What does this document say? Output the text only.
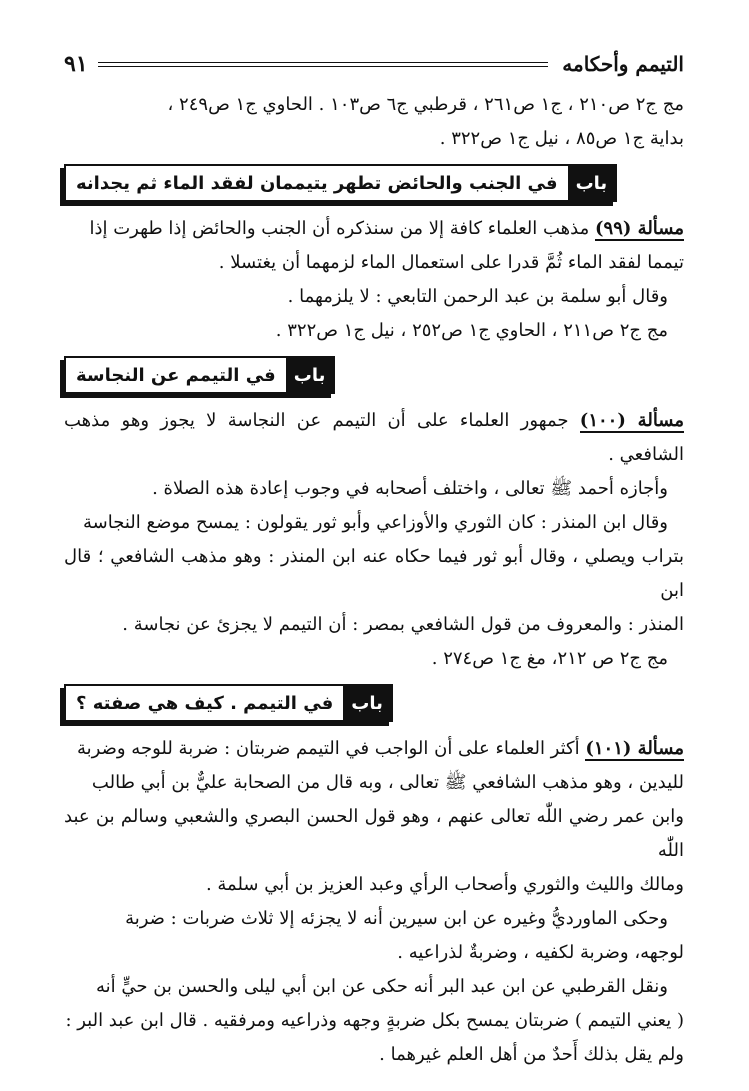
التيمم وأحكامه
٩١

مج ج٢ ص٢١٠ ، ج١ ص٢٦١ ، قرطبي ج٦ ص١٠٣ . الحاوي ج١ ص٢٤٩ ،

بداية ج١ ص٨٥ ، نيل ج١ ص٣٢٢ .

باب
في الجنب والحائض تطهر يتيممان لفقد الماء ثم يجدانه

مسألة (٩٩) مذهب العلماء كافة إلا من سنذكره أن الجنب والحائض إذا طهرت إذا

تيمما لفقد الماء ثُمَّ قدرا على استعمال الماء لزمهما أن يغتسلا .

وقال أبو سلمة بن عبد الرحمن التابعي : لا يلزمهما .

مج ج٢ ص٢١١ ، الحاوي ج١ ص٢٥٢ ، نيل ج١ ص٣٢٢ .

باب
في التيمم عن النجاسة

مسألة (١٠٠) جمهور العلماء على أن التيمم عن النجاسة لا يجوز وهو مذهب الشافعي .

وأجازه أحمد ﷺ تعالى ، واختلف أصحابه في وجوب إعادة هذه الصلاة .

وقال ابن المنذر : كان الثوري والأوزاعي وأبو ثور يقولون : يمسح موضع النجاسة

بتراب ويصلي ، وقال أبو ثور فيما حكاه عنه ابن المنذر : وهو مذهب الشافعي ؛ قال ابن

المنذر : والمعروف من قول الشافعي بمصر : أن التيمم لا يجزئ عن نجاسة .

مج ج٢ ص ٢١٢، مغ ج١ ص٢٧٤ .

باب
في التيمم . كيف هي صفته ؟

مسألة (١٠١) أكثر العلماء على أن الواجب في التيمم ضربتان : ضربة للوجه وضربة

لليدين ، وهو مذهب الشافعي ﷺ تعالى ، وبه قال من الصحابة عليٌّ بن أبي طالب

وابن عمر رضي اللّٰه تعالى عنهم ، وهو قول الحسن البصري والشعبي وسالم بن عبد اللّٰه

ومالك والليث والثوري وأصحاب الرأي وعبد العزيز بن أبي سلمة .

وحكى الماورديُّ وغيره عن ابن سيرين أنه لا يجزئه إلا ثلاث ضربات : ضربة

لوجهه، وضربة لكفيه ، وضربةٌ لذراعيه .

ونقل القرطبي عن ابن عبد البر أنه حكى عن ابن أبي ليلى والحسن بن حيٍّ أنه

( يعني التيمم ) ضربتان يمسح بكل ضربةٍ وجهه وذراعيه ومرفقيه . قال ابن عبد البر :

ولم يقل بذلك أَحدٌ من أهل العلم غيرهما .
